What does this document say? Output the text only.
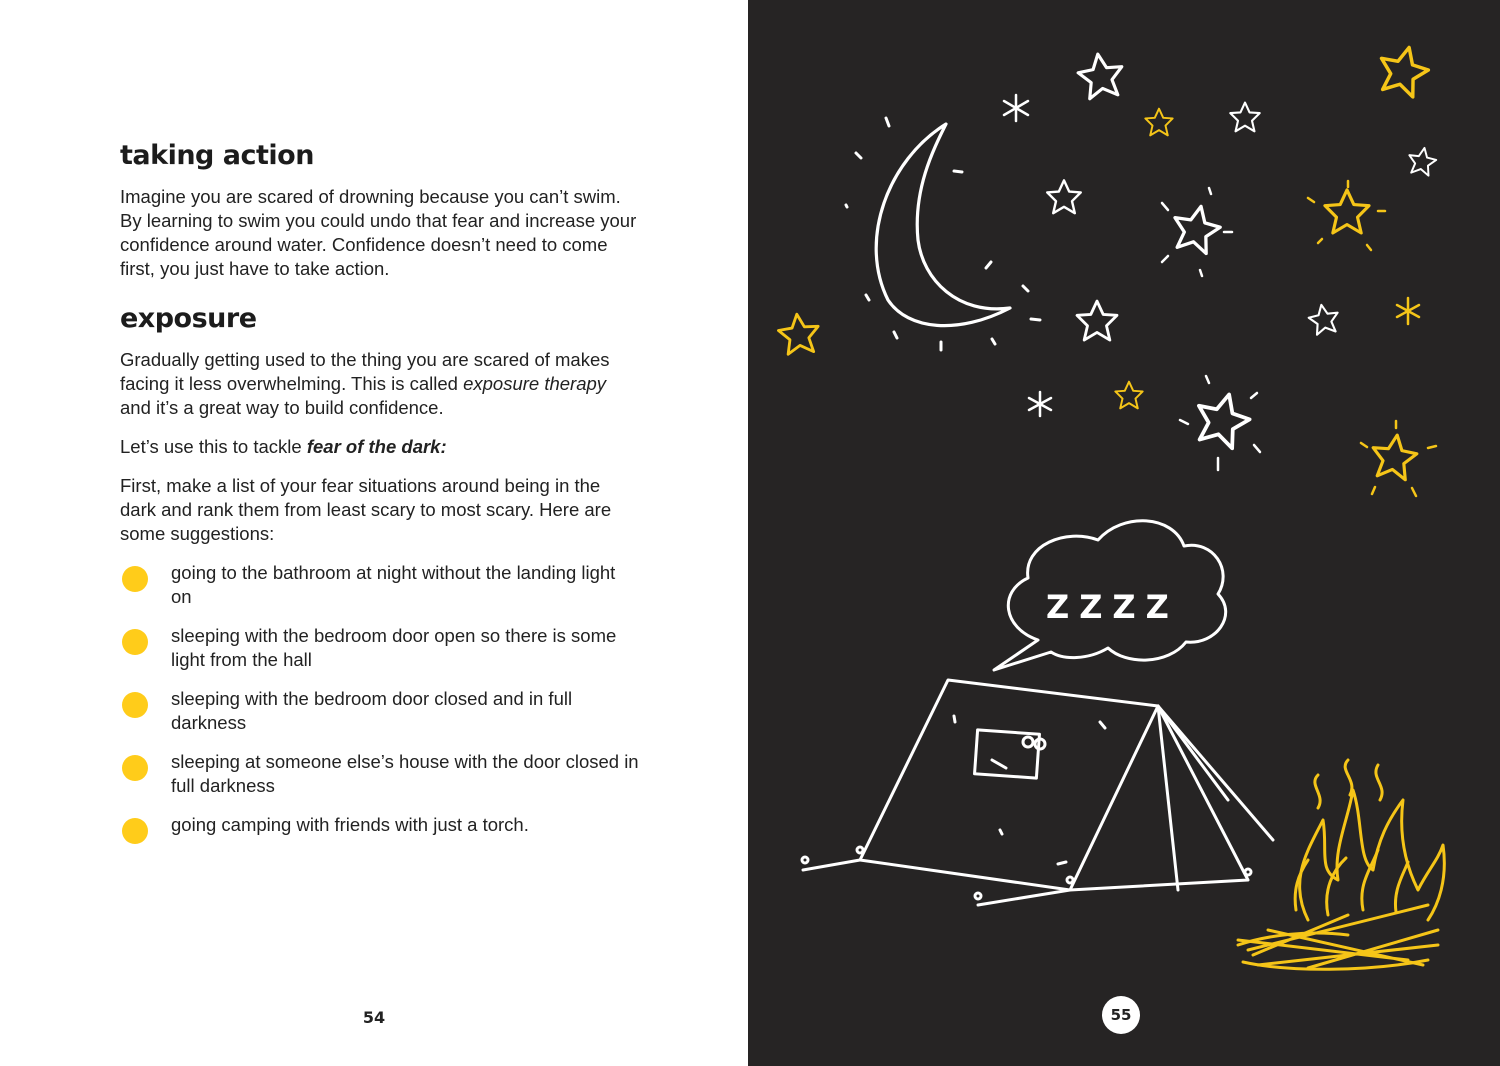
taking action

Imagine you are scared of drowning because you can’t swim. By learning to swim you could undo that fear and increase your confidence around water. Confidence doesn’t need to come first, you just have to take action.

exposure

Gradually getting used to the thing you are scared of makes facing it less overwhelming. This is called exposure therapy and it’s a great way to build confidence.

Let’s use this to tackle fear of the dark:

First, make a list of your fear situations around being in the dark and rank them from least scary to most scary. Here are some suggestions:

going to the bathroom at night without the landing light on
sleeping with the bedroom door open so there is some light from the hall
sleeping with the bedroom door closed and in full darkness
sleeping at someone else’s house with the door closed in full darkness
going camping with friends with just a torch.
54
ZZZZ
55
